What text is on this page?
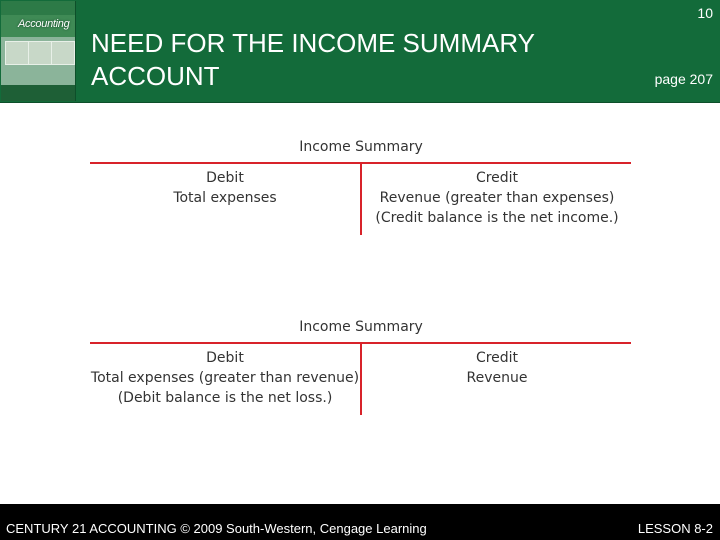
Accounting
NEED FOR THE INCOME SUMMARY
ACCOUNT
10
page 207
Income Summary
Debit
Total expenses
Credit
Revenue (greater than expenses)
(Credit balance is the net income.)
Income Summary
Debit
Total expenses (greater than revenue)
(Debit balance is the net loss.)
Credit
Revenue
CENTURY 21 ACCOUNTING © 2009 South-Western, Cengage Learning	LESSON 8-2
